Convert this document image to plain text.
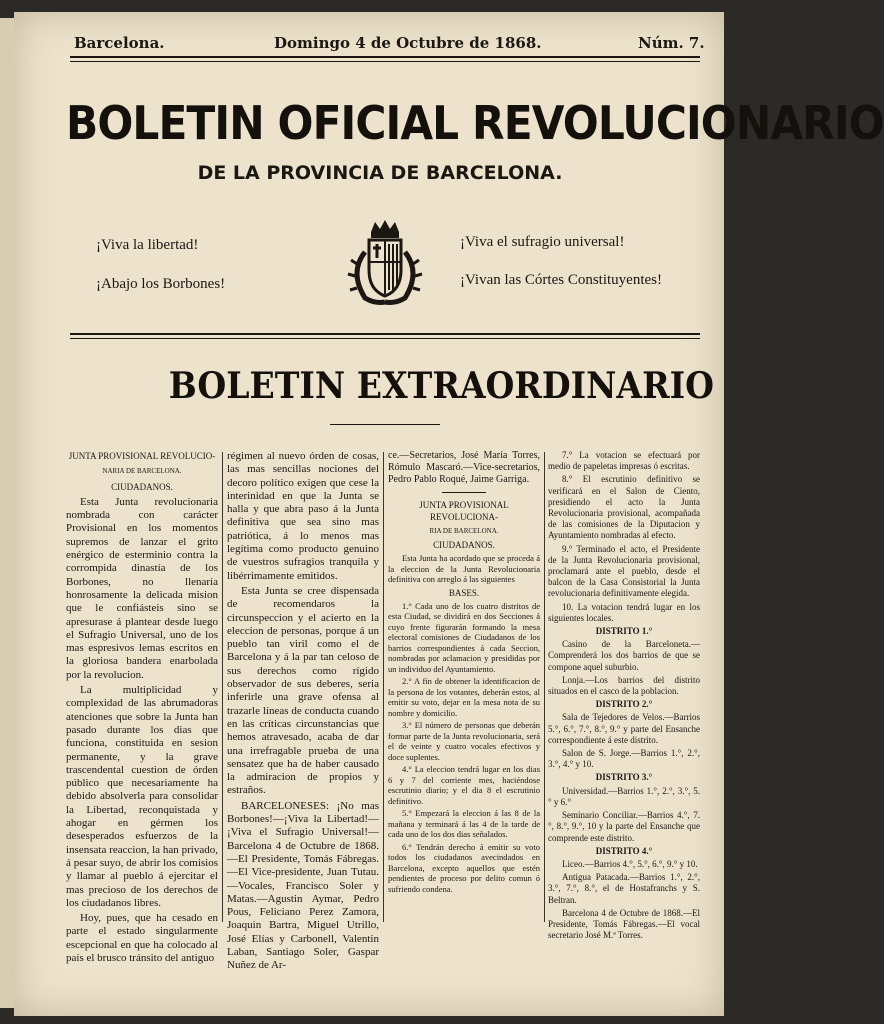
Barcelona.	Domingo 4 de Octubre de 1868.	Núm. 7.
BOLETIN OFICIAL REVOLUCIONARIO
DE LA PROVINCIA DE BARCELONA.
¡Viva la libertad!
¡Abajo los Borbones!
¡Viva el sufragio universal!
¡Vivan las Córtes Constituyentes!
BOLETIN EXTRAORDINARIO

JUNTA PROVISIONAL REVOLUCIO-

NARIA DE BARCELONA.

CIUDADANOS.

Esta Junta revolucionaria nombrada con carácter Provisional en los momentos supremos de lanzar el grito enérgico de esterminio contra la corrompida dinastía de los Borbones, no llenaría honrosamente la delicada mision que le confiásteis sino se apresurase á plantear desde luego el Sufragio Universal, uno de los mas espresivos lemas escritos en la gloriosa bandera enarbolada por la revolucion.

La multiplicidad y complexidad de las abrumadoras atenciones que sobre la Junta han pasado durante los dias que funciona, constituida en sesion permanente, y la grave trascendental cuestion de órden público que necesariamente ha debido absolverla para consolidar la Libertad, reconquistada y ahogar en gérmen los desesperados esfuerzos de la insensata reaccion, la han privado, á pesar suyo, de abrir los comisios y llamar al pueblo á ejercitar el mas precioso de los derechos de los ciudadanos libres.

Hoy, pues, que ha cesado en parte el estado singularmente escepcional en que ha colocado al país el brusco tránsito del antiguo

régimen al nuevo órden de cosas, las mas sencillas nociones del decoro político exigen que cese la interinidad en que la Junta se halla y que abra paso á la Junta definitiva que sea sino mas patriótica, á lo menos mas legítima como producto genuino de vuestros sufragios tranquila y libérrimamente emitidos.

Esta Junta se cree dispensada de recomendaros la circunspeccion y el acierto en la eleccion de personas, porque á un pueblo tan viril como el de Barcelona y á la par tan celoso de sus derechos como rígido observador de sus deberes, seria inferirle una grave ofensa al trazarle líneas de conducta cuando en las críticas circunstancias que hemos atravesado, acaba de dar una irrefragable prueba de una sensatez que ha de haber causado la admiracion de propios y estraños.

BARCELONESES: ¡No mas Borbones!—¡Viva la Libertad!—¡Viva el Sufragio Universal!—Barcelona 4 de Octubre de 1868.—El Presidente, Tomás Fábregas.—El Vice-presidente, Juan Tutau.—Vocales, Francisco Soler y Matas.—Agustin Aymar, Pedro Pous, Feliciano Perez Zamora, Joaquin Bartra, Miguel Utrillo, José Elías y Carbonell, Valentin Laban, Santiago Soler, Gaspar Nuñez de Ar-

ce.—Secretarios, José María Torres, Rómulo Mascaró.—Vice-secretarios, Pedro Pablo Roqué, Jaime Garriga.

JUNTA PROVISIONAL REVOLUCIONA-

RIA DE BARCELONA.

CIUDADANOS.

Esta Junta ha acordado que se proceda á la eleccion de la Junta Revolucionaria definitiva con arreglo á las siguientes

BASES.

1.° Cada uno de los cuatro distritos de esta Ciudad, se dividirá en dos Secciones á cuyo frente figurarán formando la mesa electoral comisiones de Ciudadanos de los barrios correspondientes á cada Seccion, nombradas por aclamacion y presididas por un individuo del Ayuntamiento.

2.° A fin de obtener la identificacion de la persona de los votantes, deberán estos, al emitir su voto, dejar en la mesa nota de su nombre y domicilio.

3.° El número de personas que deberán formar parte de la Junta revolucionaria, será el de veinte y cuatro vocales efectivos y doce suplentes.

4.° La eleccion tendrá lugar en los dias 6 y 7 del corriente mes, haciéndose escrutinio diario; y el dia 8 el escrutinio definitivo.

5.° Empezará la eleccion á las 8 de la mañana y terminará á las 4 de la tarde de cada uno de los dos dias señalados.

6.° Tendrán derecho á emitir su voto todos los ciudadanos avecindados en Barcelona, excepto aquellos que estén pendientes de proceso por delito comun ó sufriendo condena.

7.° La votacion se efectuará por medio de papeletas impresas ó escritas.

8.° El escrutinio definitivo se verificará en el Salon de Ciento, presidiendo el acto la Junta Revolucionaria provisional, acompañada de las comisiones de la Diputacion y Ayuntamiento nombradas al efecto.

9.° Terminado el acto, el Presidente de la Junta Revolucionaria provisional, proclamará ante el pueblo, desde el balcon de la Casa Consistorial la Junta revolucionaria definitivamente elegida.

10. La votacion tendrá lugar en los siguientes locales.

DISTRITO 1.°

Casino de la Barceloneta.—Comprenderá los dos barrios de que se compone aquel suburbio.

Lonja.—Los barrios del distrito situados en el casco de la poblacion.

DISTRITO 2.°

Sala de Tejedores de Velos.—Barrios 5.°, 6.°, 7.°, 8.°, 9.° y parte del Ensanche correspondiente á este distrito.

Salon de S. Jorge.—Barrios 1.°, 2.°, 3.°, 4.° y 10.

DISTRITO 3.°

Universidad.—Barrios 1.°, 2.°, 3.°, 5.° y 6.°

Seminario Conciliar.—Barrios 4.°, 7.°, 8.°, 9.°, 10 y la parte del Ensanche que comprende este distrito.

DISTRITO 4.°

Liceo.—Barrios 4.°, 5.°, 6.°, 9.° y 10.

Antigua Patacada.—Barrios 1.°, 2.°, 3.°, 7.°, 8.°, el de Hostafranchs y S. Beltran.

Barcelona 4 de Octubre de 1868.—El Presidente, Tomás Fábregas.—El vocal secretario José M.ª Torres.
